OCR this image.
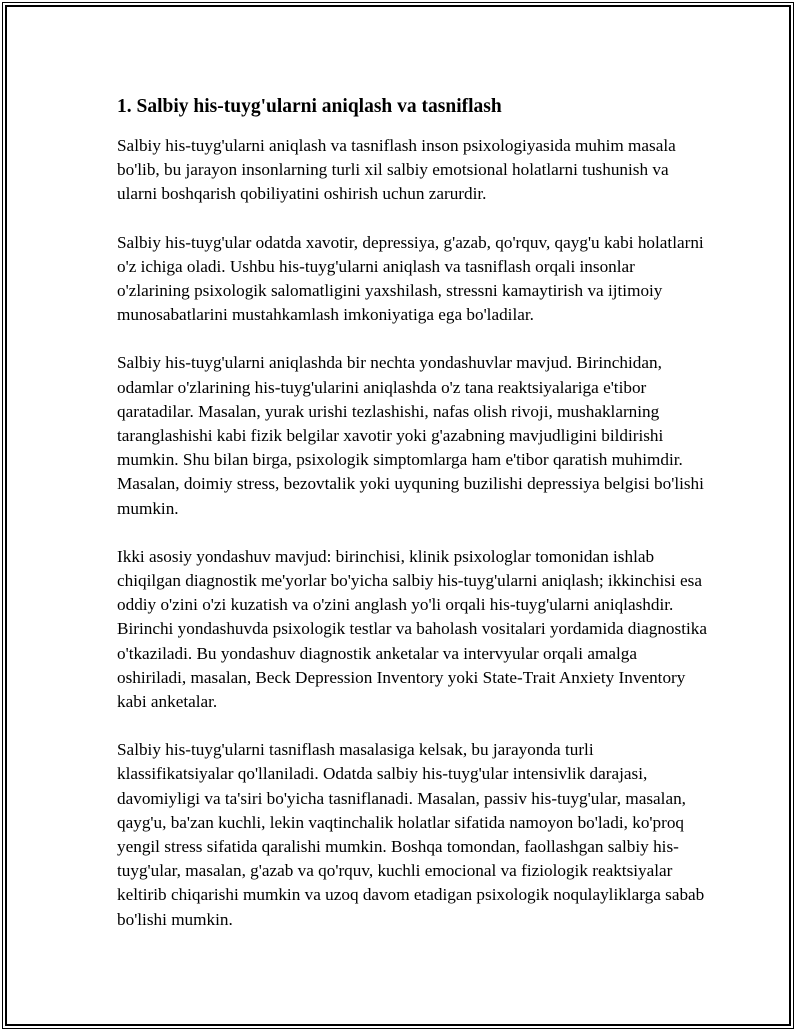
1. Salbiy his-tuyg'ularni aniqlash va tasniflash

Salbiy his-tuyg'ularni aniqlash va tasniflash inson psixologiyasida muhim masala bo'lib, bu jarayon insonlarning turli xil salbiy emotsional holatlarni tushunish va ularni boshqarish qobiliyatini oshirish uchun zarurdir.

Salbiy his-tuyg'ular odatda xavotir, depressiya, g'azab, qo'rquv, qayg'u kabi holatlarni o'z ichiga oladi. Ushbu his-tuyg'ularni aniqlash va tasniflash orqali insonlar o'zlarining psixologik salomatligini yaxshilash, stressni kamaytirish va ijtimoiy munosabatlarini mustahkamlash imkoniyatiga ega bo'ladilar.

Salbiy his-tuyg'ularni aniqlashda bir nechta yondashuvlar mavjud. Birinchidan, odamlar o'zlarining his-tuyg'ularini aniqlashda o'z tana reaktsiyalariga e'tibor qaratadilar. Masalan, yurak urishi tezlashishi, nafas olish rivoji, mushaklarning taranglashishi kabi fizik belgilar xavotir yoki g'azabning mavjudligini bildirishi mumkin. Shu bilan birga, psixologik simptomlarga ham e'tibor qaratish muhimdir. Masalan, doimiy stress, bezovtalik yoki uyquning buzilishi depressiya belgisi bo'lishi mumkin.

Ikki asosiy yondashuv mavjud: birinchisi, klinik psixologlar tomonidan ishlab chiqilgan diagnostik me'yorlar bo'yicha salbiy his-tuyg'ularni aniqlash; ikkinchisi esa oddiy o'zini o'zi kuzatish va o'zini anglash yo'li orqali his-tuyg'ularni aniqlashdir. Birinchi yondashuvda psixologik testlar va baholash vositalari yordamida diagnostika o'tkaziladi. Bu yondashuv diagnostik anketalar va intervyular orqali amalga oshiriladi, masalan, Beck Depression Inventory yoki State-Trait Anxiety Inventory kabi anketalar.

Salbiy his-tuyg'ularni tasniflash masalasiga kelsak, bu jarayonda turli klassifikatsiyalar qo'llaniladi. Odatda salbiy his-tuyg'ular intensivlik darajasi, davomiyligi va ta'siri bo'yicha tasniflanadi. Masalan, passiv his-tuyg'ular, masalan, qayg'u, ba'zan kuchli, lekin vaqtinchalik holatlar sifatida namoyon bo'ladi, ko'proq yengil stress sifatida qaralishi mumkin. Boshqa tomondan, faollashgan salbiy his-tuyg'ular, masalan, g'azab va qo'rquv, kuchli emocional va fiziologik reaktsiyalar keltirib chiqarishi mumkin va uzoq davom etadigan psixologik noqulayliklarga sabab bo'lishi mumkin.
